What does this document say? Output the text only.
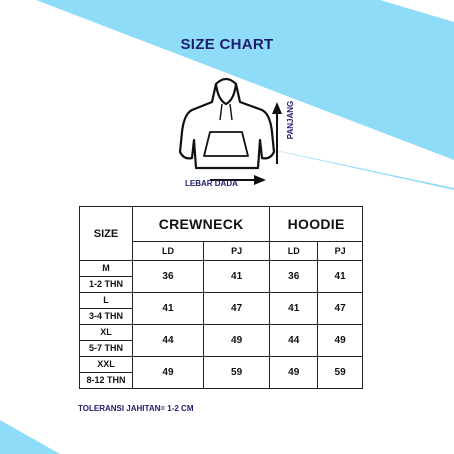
SIZE CHART
LEBAR DADA
PANJANG
SIZE	CREWNECK		HOODIE	
	LD	PJ	LD	PJ

M
1-2 THN	36	41	36	41

L
3-4 THN	41	47	41	47

XL
5-7 THN	44	49	44	49

XXL
8-12 THN	49	59	49	59
TOLERANSI JAHITAN= 1-2 CM
